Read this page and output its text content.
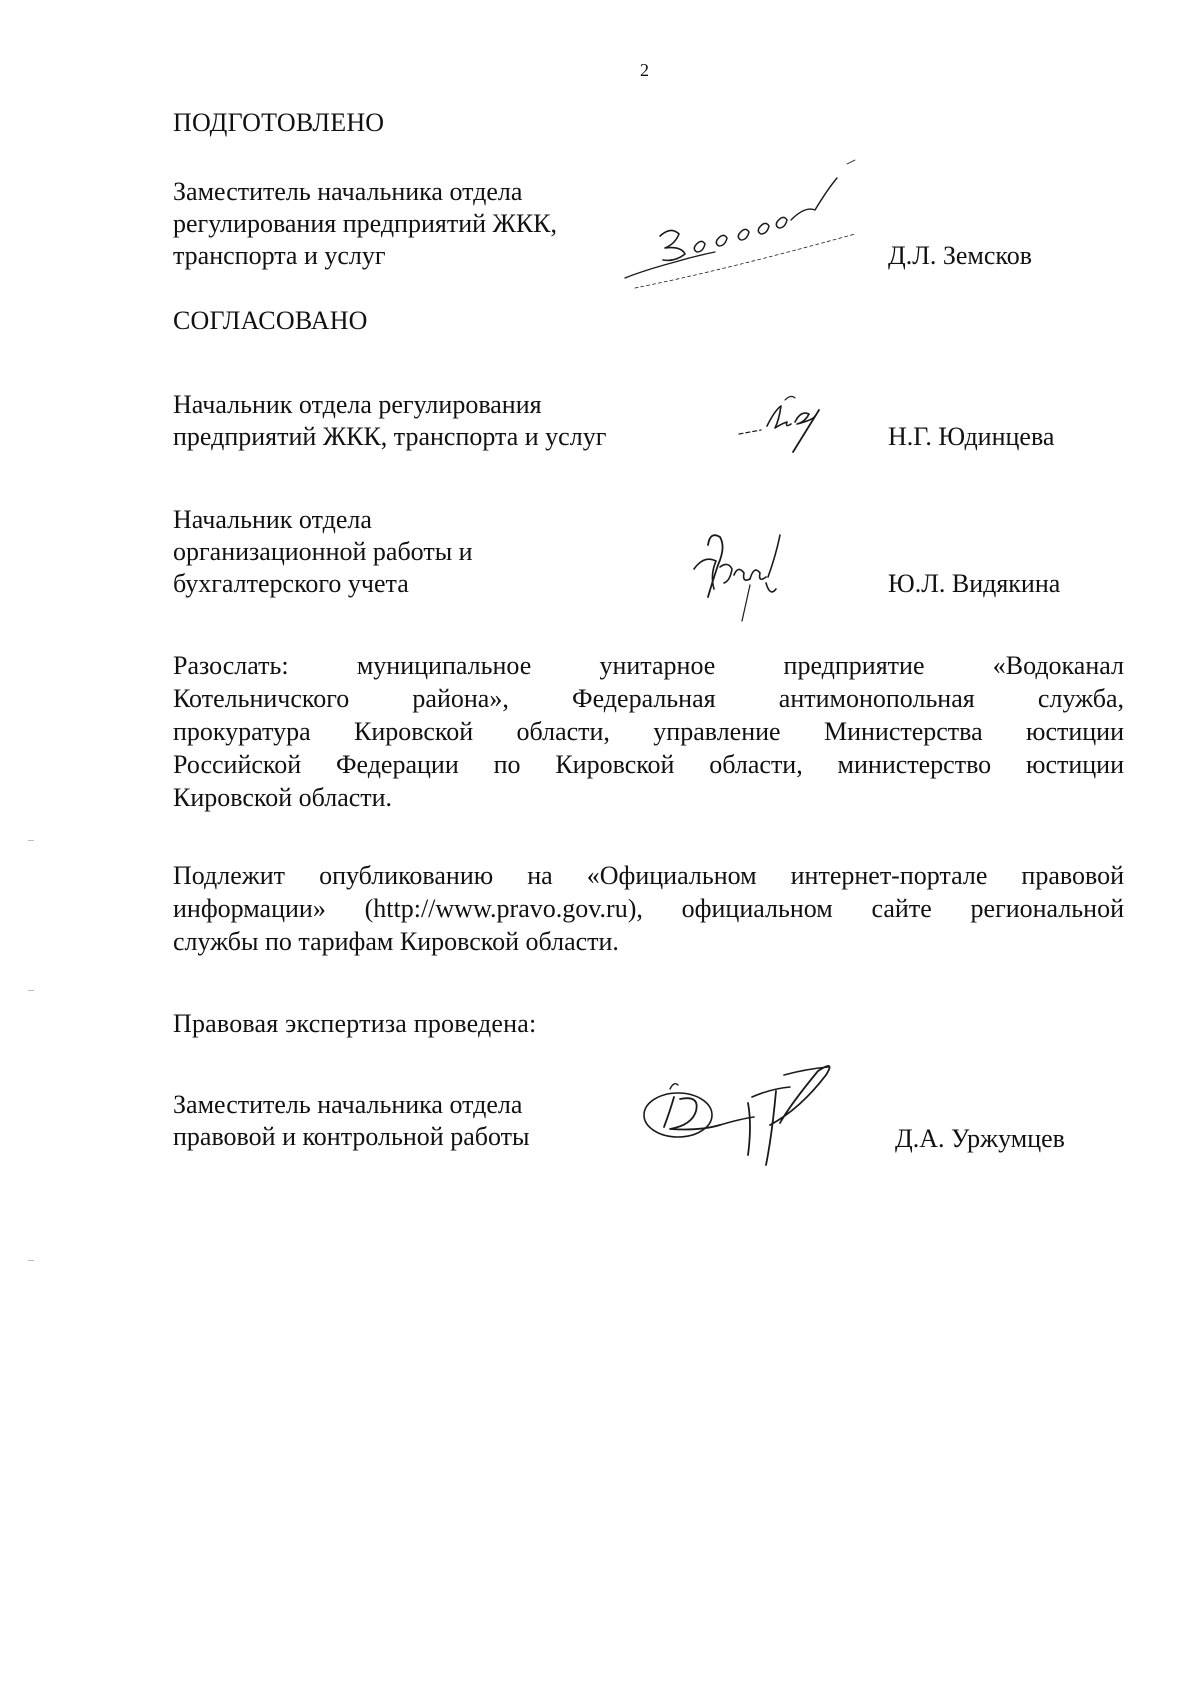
2
ПОДГОТОВЛЕНО
Заместитель начальника отдела
регулирования предприятий ЖКК,
транспорта и услуг	Д.Л. Земсков
СОГЛАСОВАНО
Начальник отдела регулирования
предприятий ЖКК, транспорта и услуг	Н.Г. Юдинцева
Начальник отдела
организационной работы и
бухгалтерского учета	Ю.Л. Видякина
Разослать: муниципальное унитарное предприятие «Водоканал
Котельничского района», Федеральная антимонопольная служба,
прокуратура Кировской области, управление Министерства юстиции
Российской Федерации по Кировской области, министерство юстиции
Кировской области.
Подлежит опубликованию на «Официальном интернет-портале правовой
информации» (http://www.pravo.gov.ru), официальном сайте региональной
службы по тарифам Кировской области.
Правовая экспертиза проведена:
Заместитель начальника отдела
правовой и контрольной работы	Д.А. Уржумцев
